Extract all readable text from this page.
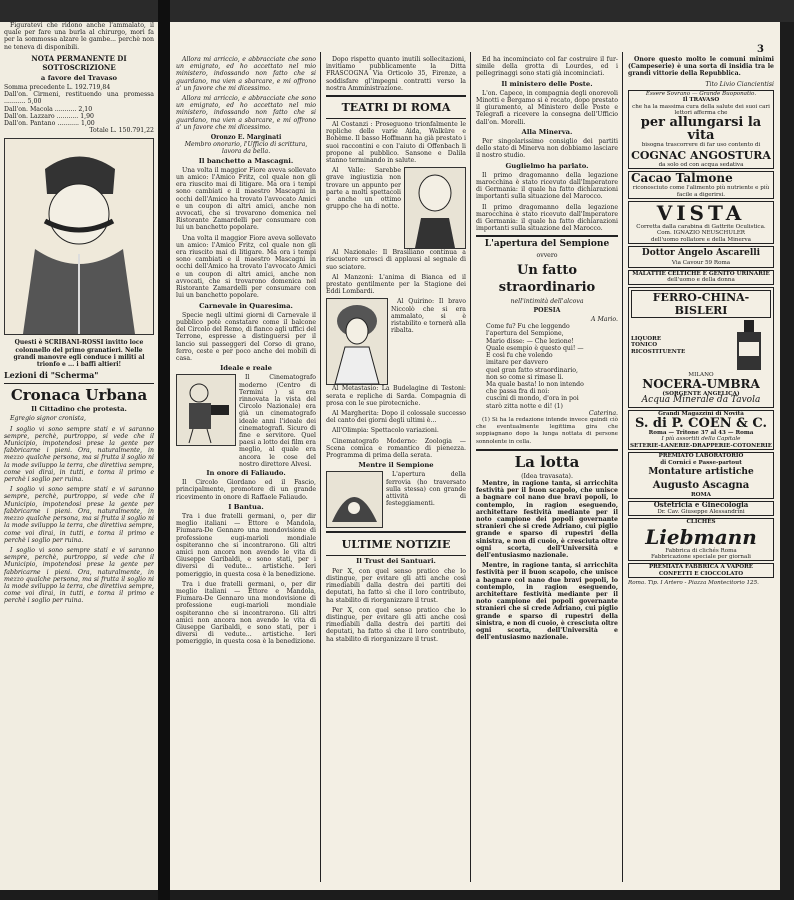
Figuratevi che ridono anche l'ammalato, il quale per fare una burla al chirurgo, morì fa per la sommossa alzare le gambe... perchè non ne teneva di disponibili.

NOTA PERMANENTE DI SOTTOSCRIZIONE
a favore del Travaso
Somma precedente L. 192.719,84
Dall'on. Cirmeni, restituendo una promessa ........... 5,00
Dall'on. Macola ........... 2,10
Dall'on. Lazzaro ........... 1,90
Dall'on. Pantano ........... 1,00
Totale L. 150.791,22
Questi è SCRIBANI-ROSSI invitto loce colonnello del primo granatieri. Nelle grandi manovre egli conduce i militi al trionfo e ... i baffi altieri!
Lezioni di "Scherma"
Cronaca Urbana
Il Cittadino che protesta.

Egregio signor cronista,

I soglio vi sono sempre stati e vi saranno sempre, perchè, purtroppo, si vede che il Municipio, impotendosi prese la gente per fabbricarne i pieni. Ora, naturalmente, in mezzo qualche persona, ma si frutta il soglio ni la mode sviluppo la terra, che direttiva sempre, come voi dirai, in tutti, e torna il primo e perchè i soglio per ruina.

I soglio vi sono sempre stati e vi saranno sempre, perchè, purtroppo, si vede che il Municipio, impotendosi prese la gente per fabbricarne i pieni. Ora, naturalmente, in mezzo qualche persona, ma si frutta il soglio ni la mode sviluppo la terra, che direttiva sempre, come voi dirai, in tutti, e torna il primo e perchè i soglio per ruina.

I soglio vi sono sempre stati e vi saranno sempre, perchè, purtroppo, si vede che il Municipio, impotendosi prese la gente per fabbricarne i pieni. Ora, naturalmente, in mezzo qualche persona, ma si frutta il soglio ni la mode sviluppo la terra, che direttiva sempre, come voi dirai, in tutti, e torna il primo e perchè i soglio per ruina.

3

Allora mi arriccio, e abbracciate che sono un emigrato, ed ho accettato nel mio ministero, indossando non fatto che si guardano, ma vien a sbarcare, e mi offrono a' un favore che mi dicessimo.

Allora mi arriccio, e abbracciate che sono un emigrato, ed ho accettato nel mio ministero, indossando non fatto che si guardano, ma vien a sbarcare, e mi offrono a' un favore che mi dicessimo.

Oronzo E. Marginati
Membro onorario, l'Ufficio di scrittura, lavora da bella.
Il banchetto a Mascagni.

Una volta il maggior Fiore aveva sollevato un amico: l'Amico Fritz, col quale non gli era riuscito mai di litigare. Ma ora i tempi sono cambiati e il maestro Mascagni in occhi dell'Amico ha trovato l'avvocato Amici e un coupon di altri amici, anche non avvocati, che si trovarono domenica nel Ristorante Zamardelli per consumare con lui un banchetto popolare.

Una volta il maggior Fiore aveva sollevato un amico: l'Amico Fritz, col quale non gli era riuscito mai di litigare. Ma ora i tempi sono cambiati e il maestro Mascagni in occhi dell'Amico ha trovato l'avvocato Amici e un coupon di altri amici, anche non avvocati, che si trovarono domenica nel Ristorante Zamardelli per consumare con lui un banchetto popolare.

Carnevale in Quaresima.

Specie negli ultimi giorni di Carnevale il pubblico potè constatare come il balcone del Circolo del Remo, di fianco agli uffici del Terrone, espresse a distinguersi per il lancio sui passeggeri del Corso di grano, ferro, ceste e per poco anche dei mobili di casa.

Ideale e reale

Il Cinematografo moderno (Centro di Termini ) si era rinnovata la vista del Circolo Nazionale) era già un cinematografo ideale anni l'ideale dei cinematografi. Sicuro di fine e servitore. Quel paesi a lotto dei film era meglio, al quale era ancora le cose del nostro direttore Alvesi.

In onore di Faliaudo.

Il Circolo Giordano ed il Fascio, principalmente, promotore di un grande ricevimento in onore di Raffaele Faliaudo.

I Bantua.

Tra i due fratelli germani, o, per dir meglio italiani — Ettore e Mandola, Fiumara-De Gennaro una mondovisione di professione eugi-marioli mondiale ospiteranno che si incontrarono. Gli altri amici non ancora non avendo le vita di Giuseppe Garibaldi, e sono stati, per i diversi di vedute... artistiche. Ieri pomeriggio, in questa cosa è la benedizione.

Tra i due fratelli germani, o, per dir meglio italiani — Ettore e Mandola, Fiumara-De Gennaro una mondovisione di professione eugi-marioli mondiale ospiteranno che si incontrarono. Gli altri amici non ancora non avendo le vita di Giuseppe Garibaldi, e sono stati, per i diversi di vedute... artistiche. Ieri pomeriggio, in questa cosa è la benedizione.

Dopo rispetto quanto inutili sollecitazioni, invitiamo pubblicamente la Ditta FRASCOGNA Via Orticolo 35, Firenze, a soddisfare gl'impegni contratti verso la nostra Amministrazione.

TEATRI DI ROMA

Al Costanzi : Proseguono trionfalmente le repliche delle varie Aida, Walküre e Bohème. Il basso Hoffmann ha già prestato i suoi raccontini e con l'aiuto di Offenbach li propone al pubblico. Sansone e Dalila stanno terminando in salute.

Al Valle: Sarebbe grave ingiustizia non trovare un appunto per parte a molti spettacoli e anche un ottimo gruppo che ha di notte.

Al Nazionale: Il Brasiliano continua a riscuotere scrosci di applausi al segnale di suo sciatore.

Al Manzoni: L'anima di Bianca ed il prestato gentilmente per la Stagione dei Eddi Lombardi.

Al Quirino: Il bravo Niccolò che si era ammalato, si è ristabilito e tornerà alla ribalta.

Al Metastasio: La Budelagine di Testoni: serata e repliche di Sarda. Compagnia di prosa con le sue pirotecniche.

Al Margherita: Dopo il colossale successo del canto dei giorni degli ultimi è...

All'Olimpia: Spettacolo variazioni.

Cinematografo Moderno: Zoologia — Scena comica e romantico di pienezza. Programma di prima della serata.

Mentre il Sempione

L'apertura della ferrovia (ho traversato sulla stessa) con grande attività di festeggiamenti.

ULTIME NOTIZIE
Il Trust dei Santuari.

Per X, con quel senso pratico che lo distingue, per evitare gli atti anche così rimediabili dalla destra dei partiti dei deputati, ha fatto sì che il loro contributo, ha stabilito di riorganizzare il trust.

Per X, con quel senso pratico che lo distingue, per evitare gli atti anche così rimediabili dalla destra dei partiti dei deputati, ha fatto sì che il loro contributo, ha stabilito di riorganizzare il trust.

Ed ha incominciato col far costruire il fur-simile della grotta di Lourdes, ed i pellegrinaggi sono stati già incominciati.

Il ministero delle Poste.

L'on. Capece, in compagnia degli onorevoli Minotti e Bergamo si è recato, dopo prestato il giuramento, al Ministero delle Poste e Telegrafi a ricevere la consegna dell'Ufficio dall'on. Morelli.

Alla Minerva.

Per singolarissimo consiglio dei partiti dello stato di Minerva non dobbiamo lasciare il nostro studio.

Guglielmo ha parlato.

Il primo dragomanno della legazione marocchina è stato ricevuto dall'Imperatore di Germania: il quale ha fatto dichiarazioni importanti sulla situazione del Marocco.

Il primo dragomanno della legazione marocchina è stato ricevuto dall'Imperatore di Germania: il quale ha fatto dichiarazioni importanti sulla situazione del Marocco.

L'apertura del Sempione
ovvero
Un fatto straordinario
nell'intimità dell'alcova
POESIA
A Mario.
Come fu? Fu che leggendo
l'apertura del Sempione,
Mario disse: — Che lezione!
Quale esempio è questo qui! —
E così fu che volendo
imitare per davvero
quel gran fatto straordinario,
non so come si rimase lì.
Ma quale basta! lo non intendo
che passa fra di noi:
cuscini di mondo, d'ora in poi
starò zitta notte e dì! (1)
Caterina.

(1) Si ha la redazione intende invece quindi ciò che eventualmente legittima gira che soppiagnano dopo la lunga nottata di persone sonnolente in cella.

La lotta
(Idea travasata).

Mentre, in ragione tanta, si arricchita festività per il buon scapolo, che unisce a bagnare col nano due bravi popoli, lo contemplo, in ragion eseguendo, architettare festività mediante per il noto campione dei popoli governante stranieri che si crede Adriano, cui piglio grande e sparso di rupestri della sinistra, e non di cuoio, è cresciuta oltre ogni scorta, dell'Università e dell'entusiasmo nazionale.

Mentre, in ragione tanta, si arricchita festività per il buon scapolo, che unisce a bagnare col nano due bravi popoli, lo contemplo, in ragion eseguendo, architettare festività mediante per il noto campione dei popoli governante stranieri che si crede Adriano, cui piglio grande e sparso di rupestri della sinistra, e non di cuoio, è cresciuta oltre ogni scorta, dell'Università e dell'entusiasmo nazionale.

Onore questo molto le comuni minimi (Campeserie) è una sorta di insidia tra le grandi vittorie della Repubblica.

Tito Livio Ciancientisi
Essere Sovrano — Grande Buoponatio.
Il TRAVASO
che ha la massima cura della salute dei suoi cari lettori afferma che
per allungarsi la vita
bisogna trascorrere di far uso contento di
COGNAC ANGOSTURA
da solo od con acqua sedativa
Cacao Talmone
riconosciuto come l'alimento più nutriente e più facile a digerirsi.
VISTA
Corretta dalla carabina di Gattrite Oculistica. Com. IGNAZIO NEUSCHULER
dell'uomo rollatore e della Minerva
Dottor Angelo Ascarelli
Via Cavour 59 Roma
MALATTIE CELTICHE E GENITO URINARIE
dell'uomo e della donna
FERRO-CHINA-BISLERI
LIQUORE
TONICO
RICOSTITUENTE
MILANO
NOCERA-UMBRA
(SORGENTE ANGELICA)
Acqua Minerale da Tavola
Grandi Magazzini di Novità
S. di P. COEN & C.
Roma — Tritone 37 al 43 — Roma
I più assortiti della Capitale
SETERIE-LANERIE-DRAPPERIE-COTONERIE
PREMIATO LABORATORIO
di Cornici e Passe-partout
Montature artistiche
Augusto Ascagna
ROMA
Ostetricia e Ginecologia
Dr. Cav. Giuseppe Alessandrini
CLICHÉS
Liebmann
Fabbrica di clichés Roma
Fabbricazione speciale per giornali
PREMIATA FABBRICA A VAPORE
CONFETTI E CIOCCOLATO
Roma. Tip. I Artero - Piazza Montecitorio 125.
